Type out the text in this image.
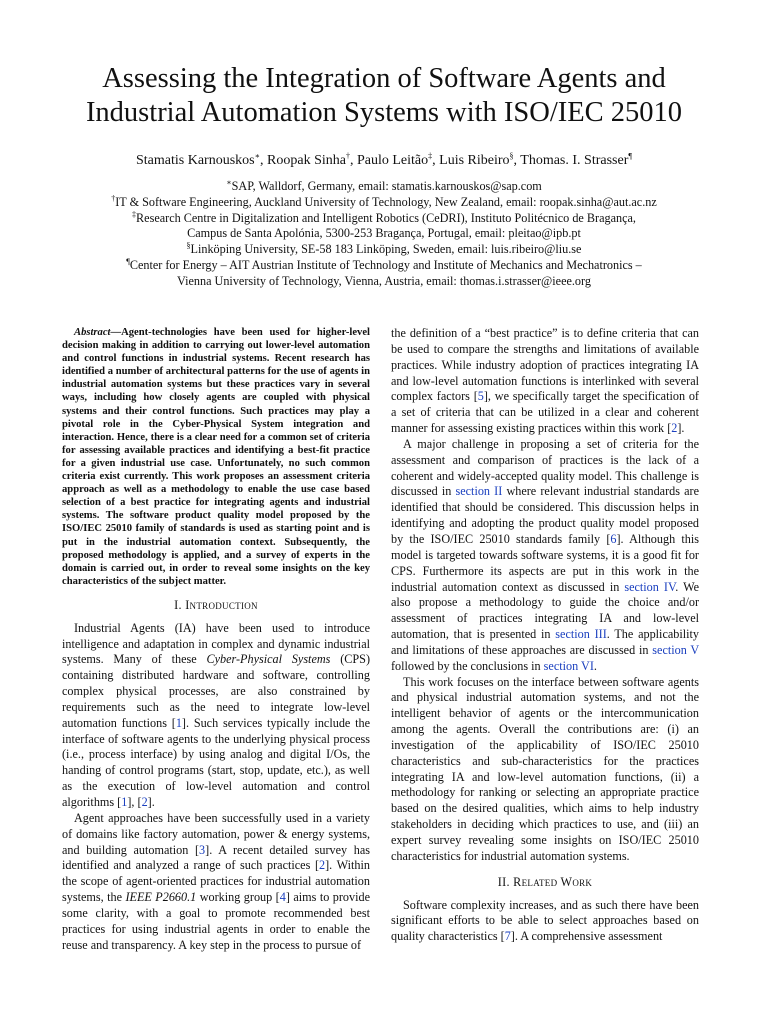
Assessing the Integration of Software Agents and
Industrial Automation Systems with ISO/IEC 25010
Stamatis Karnouskos∗, Roopak Sinha†, Paulo Leitão‡, Luis Ribeiro§, Thomas. I. Strasser¶
∗SAP, Walldorf, Germany, email: stamatis.karnouskos@sap.com
†IT & Software Engineering, Auckland University of Technology, New Zealand, email: roopak.sinha@aut.ac.nz
‡Research Centre in Digitalization and Intelligent Robotics (CeDRI), Instituto Politécnico de Bragança,
Campus de Santa Apolónia, 5300-253 Bragança, Portugal, email: pleitao@ipb.pt
§Linköping University, SE-58 183 Linköping, Sweden, email: luis.ribeiro@liu.se
¶Center for Energy – AIT Austrian Institute of Technology and Institute of Mechanics and Mechatronics –
Vienna University of Technology, Vienna, Austria, email: thomas.i.strasser@ieee.org

Abstract—Agent-technologies have been used for higher-level decision making in addition to carrying out lower-level automation and control functions in industrial systems. Recent research has identified a number of architectural patterns for the use of agents in industrial automation systems but these practices vary in several ways, including how closely agents are coupled with physical systems and their control functions. Such practices may play a pivotal role in the Cyber-Physical System integration and interaction. Hence, there is a clear need for a common set of criteria for assessing available practices and identifying a best-fit practice for a given industrial use case. Unfortunately, no such common criteria exist currently. This work proposes an assessment criteria approach as well as a methodology to enable the use case based selection of a best practice for integrating agents and industrial systems. The software product quality model proposed by the ISO/IEC 25010 family of standards is used as starting point and is put in the industrial automation context. Subsequently, the proposed methodology is applied, and a survey of experts in the domain is carried out, in order to reveal some insights on the key characteristics of the subject matter.

I. Introduction

Industrial Agents (IA) have been used to introduce intelligence and adaptation in complex and dynamic industrial systems. Many of these Cyber-Physical Systems (CPS) containing distributed hardware and software, controlling complex physical processes, are also constrained by requirements such as the need to integrate low-level automation functions [1]. Such services typically include the interface of software agents to the underlying physical process (i.e., process interface) by using analog and digital I/Os, the handing of control programs (start, stop, update, etc.), as well as the execution of low-level automation and control algorithms [1], [2].

Agent approaches have been successfully used in a variety of domains like factory automation, power & energy systems, and building automation [3]. A recent detailed survey has identified and analyzed a range of such practices [2]. Within the scope of agent-oriented practices for industrial automation systems, the IEEE P2660.1 working group [4] aims to provide some clarity, with a goal to promote recommended best practices for using industrial agents in order to enable the reuse and transparency. A key step in the process to pursue of

the definition of a “best practice” is to define criteria that can be used to compare the strengths and limitations of available practices. While industry adoption of practices integrating IA and low-level automation functions is interlinked with several complex factors [5], we specifically target the specification of a set of criteria that can be utilized in a clear and coherent manner for assessing existing practices within this work [2].

A major challenge in proposing a set of criteria for the assessment and comparison of practices is the lack of a coherent and widely-accepted quality model. This challenge is discussed in section II where relevant industrial standards are identified that should be considered. This discussion helps in identifying and adopting the product quality model proposed by the ISO/IEC 25010 standards family [6]. Although this model is targeted towards software systems, it is a good fit for CPS. Furthermore its aspects are put in this work in the industrial automation context as discussed in section IV. We also propose a methodology to guide the choice and/or assessment of practices integrating IA and low-level automation, that is presented in section III. The applicability and limitations of these approaches are discussed in section V followed by the conclusions in section VI.

This work focuses on the interface between software agents and physical industrial automation systems, and not the intelligent behavior of agents or the intercommunication among the agents. Overall the contributions are: (i) an investigation of the applicability of ISO/IEC 25010 characteristics and sub-characteristics for the practices integrating IA and low-level automation functions, (ii) a methodology for ranking or selecting an appropriate practice based on the desired qualities, which aims to help industry stakeholders in deciding which practices to use, and (iii) an expert survey revealing some insights on ISO/IEC 25010 characteristics for industrial automation systems.

II. Related Work

Software complexity increases, and as such there have been significant efforts to be able to select approaches based on quality characteristics [7]. A comprehensive assessment
